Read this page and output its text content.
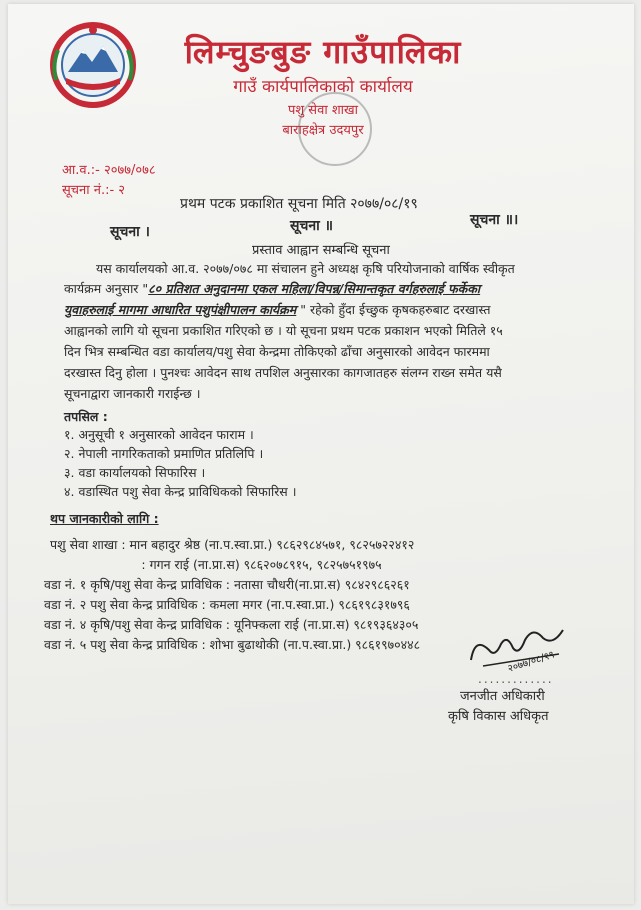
लिम्चुङबुङ गाउँपालिका
गाउँ कार्यपालिकाको कार्यालय
पशु सेवा शाखा
बाराहक्षेत्र उदयपुर
आ.व.:- २०७७/०७८
सूचना नं.:- २
प्रथम पटक प्रकाशित सूचना मिति २०७७/०८/१९
सूचना ।	सूचना ॥	सूचना ॥।
प्रस्ताव आह्वान सम्बन्धि सूचना
यस कार्यालयको आ.व. २०७७/०७८ मा संचालन हुने अध्यक्ष कृषि परियोजनाको वार्षिक स्वीकृत
कार्यक्रम अनुसार "८० प्रतिशत अनुदानमा एकल महिला/विपन्न/सिमान्तकृत वर्गहरुलाई फर्केका
युवाहरुलाई मागमा आधारित पशुपंक्षीपालन कार्यक्रम " रहेको हुँदा ईच्छुक कृषकहरुबाट दरखास्त
आह्वानको लागि यो सूचना प्रकाशित गरिएको छ । यो सूचना प्रथम पटक प्रकाशन भएको मितिले १५
दिन भित्र सम्बन्धित वडा कार्यालय/पशु सेवा केन्द्रमा तोकिएको ढाँचा अनुसारको आवेदन फारममा
दरखास्त दिनु होला । पुनश्चः आवेदन साथ तपशिल अनुसारका कागजातहरु संलग्न राख्न समेत यसै
सूचनाद्वारा जानकारी गराईन्छ ।
तपसिल :
१. अनुसूची १ अनुसारको आवेदन फाराम ।
२. नेपाली नागरिकताको प्रमाणित प्रतिलिपि ।
३. वडा कार्यालयको सिफारिस ।
४. वडास्थित पशु सेवा केन्द्र प्राविधिकको सिफारिस ।
थप जानकारीको लागि :
पशु सेवा शाखा : मान बहादुर श्रेष्ठ (ना.प.स्वा.प्रा.) ९८६२९८४५७१, ९८२५७२२४१२
: गगन राई (ना.प्रा.स) ९८६२०७८९१५, ९८२५७५१९७५
वडा नं. १ कृषि/पशु सेवा केन्द्र प्राविधिक : नतासा चौधरी(ना.प्रा.स) ९८४२९८६२६१
वडा नं. २ पशु सेवा केन्द्र प्राविधिक : कमला मगर (ना.प.स्वा.प्रा.) ९८६१९८३१७९६
वडा नं. ४ कृषि/पशु सेवा केन्द्र प्राविधिक : यूनिफ्कला राई (ना.प्रा.स) ९८१९३६४३०५
वडा नं. ५ पशु सेवा केन्द्र प्राविधिक : शोभा बुढाथोकी (ना.प.स्वा.प्रा.) ९८६१९७०४४८
२०७७/०८/१९
.............
जनजीत अधिकारी
कृषि विकास अधिकृत
